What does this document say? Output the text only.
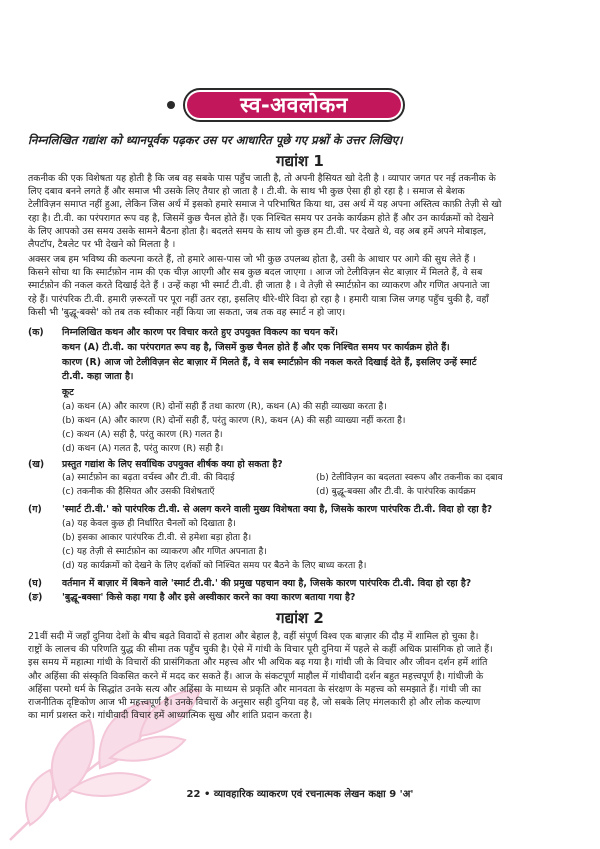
स्व-अवलोकन
निम्नलिखित गद्यांश को ध्यानपूर्वक पढ़कर उस पर आधारित पूछे गए प्रश्नों के उत्तर लिखिए।
गद्यांश 1
तकनीक की एक विशेषता यह होती है कि जब वह सबके पास पहुँच जाती है, तो अपनी हैसियत खो देती है । व्यापार जगत पर नई तकनीक के
लिए दबाव बनने लगते हैं और समाज भी उसके लिए तैयार हो जाता है । टी.वी. के साथ भी कुछ ऐसा ही हो रहा है । समाज से बेशक
टेलीविज़न समाप्त नहीं हुआ, लेकिन जिस अर्थ में इसको हमारे समाज ने परिभाषित किया था, उस अर्थ में यह अपना अस्तित्व काफ़ी तेज़ी से खो
रहा है। टी.वी. का परंपरागत रूप वह है, जिसमें कुछ चैनल होते हैं। एक निश्चित समय पर उनके कार्यक्रम होते हैं और उन कार्यक्रमों को देखने
के लिए आपको उस समय उसके सामने बैठना होता है। बदलते समय के साथ जो कुछ हम टी.वी. पर देखते थे, वह अब हमें अपने मोबाइल,
लैपटॉप, टैबलेट पर भी देखने को मिलता है ।
अक्सर जब हम भविष्य की कल्पना करते हैं, तो हमारे आस-पास जो भी कुछ उपलब्ध होता है, उसी के आधार पर आगे की सुध लेते हैं ।
किसने सोचा था कि स्मार्टफ़ोन नाम की एक चीज़ आएगी और सब कुछ बदल जाएगा । आज जो टेलीविज़न सेट बाज़ार में मिलते हैं, वे सब
स्मार्टफ़ोन की नकल करते दिखाई देते हैं । उन्हें कहा भी स्मार्ट टी.वी. ही जाता है । वे तेज़ी से स्मार्टफ़ोन का व्याकरण और गणित अपनाते जा
रहे हैं। पारंपरिक टी.वी. हमारी ज़रूरतों पर पूरा नहीं उतर रहा, इसलिए धीरे-धीरे विदा हो रहा है । हमारी यात्रा जिस जगह पहुँच चुकी है, वहाँ
किसी भी 'बुद्धू-बक्से' को तब तक स्वीकार नहीं किया जा सकता, जब तक वह स्मार्ट न हो जाए।
(क) निम्नलिखित कथन और कारण पर विचार करते हुए उपयुक्त विकल्प का चयन करें।
कथन (A) टी.वी. का परंपरागत रूप वह है, जिसमें कुछ चैनल होते हैं और एक निश्चित समय पर कार्यक्रम होते हैं।
कारण (R) आज जो टेलीविज़न सेट बाज़ार में मिलते हैं, वे सब स्मार्टफ़ोन की नकल करते दिखाई देते हैं, इसलिए उन्हें स्मार्ट
टी.वी. कहा जाता है।
कूट
(a) कथन (A) और कारण (R) दोनों सही हैं तथा कारण (R), कथन (A) की सही व्याख्या करता है।
(b) कथन (A) और कारण (R) दोनों सही हैं, परंतु कारण (R), कथन (A) की सही व्याख्या नहीं करता है।
(c) कथन (A) सही है, परंतु कारण (R) गलत है।
(d) कथन (A) गलत है, परंतु कारण (R) सही है।
(ख) प्रस्तुत गद्यांश के लिए सर्वाधिक उपयुक्त शीर्षक क्या हो सकता है?
(a) स्मार्टफ़ोन का बढ़ता वर्चस्व और टी.वी. की विदाई	(b) टेलीविज़न का बदलता स्वरूप और तकनीक का दबाव
(c) तकनीक की हैसियत और उसकी विशेषताएँ	(d) बुद्धू-बक्सा और टी.वी. के पारंपरिक कार्यक्रम
(ग) 'स्मार्ट टी.वी.' को पारंपरिक टी.वी. से अलग करने वाली मुख्य विशेषता क्या है, जिसके कारण पारंपरिक टी.वी. विदा हो रहा है?
(a) यह केवल कुछ ही निर्धारित चैनलों को दिखाता है।
(b) इसका आकार पारंपरिक टी.वी. से हमेशा बड़ा होता है।
(c) यह तेज़ी से स्मार्टफ़ोन का व्याकरण और गणित अपनाता है।
(d) यह कार्यक्रमों को देखने के लिए दर्शकों को निश्चित समय पर बैठने के लिए बाध्य करता है।
(घ) वर्तमान में बाज़ार में बिकने वाले 'स्मार्ट टी.वी.' की प्रमुख पहचान क्या है, जिसके कारण पारंपरिक टी.वी. विदा हो रहा है?
(ङ) 'बुद्धू-बक्सा' किसे कहा गया है और इसे अस्वीकार करने का क्या कारण बताया गया है?
गद्यांश 2
21वीं सदी में जहाँ दुनिया देशों के बीच बढ़ते विवादों से हताश और बेहाल है, वहीं संपूर्ण विश्व एक बाज़ार की दौड़ में शामिल हो चुका है।
राष्ट्रों के लालच की परिणति युद्ध की सीमा तक पहुँच चुकी है। ऐसे में गांधी के विचार पूरी दुनिया में पहले से कहीं अधिक प्रासंगिक हो जाते हैं।
इस समय में महात्मा गांधी के विचारों की प्रासंगिकता और महत्त्व और भी अधिक बढ़ गया है। गांधी जी के विचार और जीवन दर्शन हमें शांति
और अहिंसा की संस्कृति विकसित करने में मदद कर सकते हैं। आज के संकटपूर्ण माहौल में गांधीवादी दर्शन बहुत महत्त्वपूर्ण है। गांधीजी के
अहिंसा परमो धर्म के सिद्धांत उनके सत्य और अहिंसा के माध्यम से प्रकृति और मानवता के संरक्षण के महत्त्व को समझाते हैं। गांधी जी का
राजनीतिक दृष्टिकोण आज भी महत्त्वपूर्ण है। उनके विचारों के अनुसार सही दुनिया वह है, जो सबके लिए मंगलकारी हो और लोक कल्याण
का मार्ग प्रशस्त करे। गांधीवादी विचार हमें आध्यात्मिक सुख और शांति प्रदान करता है।
22 • व्यावहारिक व्याकरण एवं रचनात्मक लेखन कक्षा 9 'अ'
